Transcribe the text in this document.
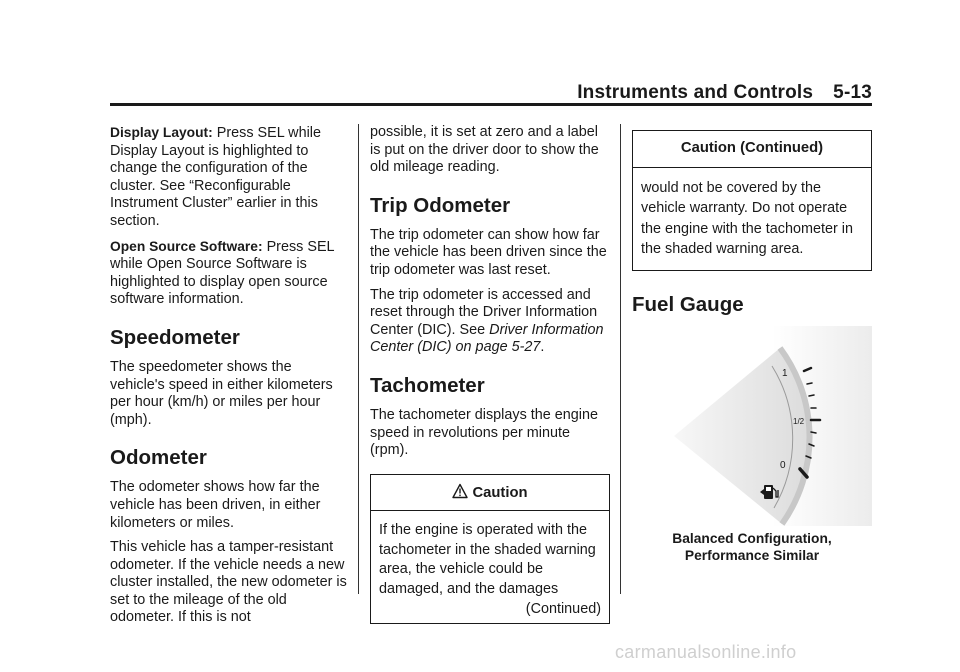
Instruments and Controls 5-13

Display Layout: Press SEL while Display Layout is highlighted to change the configuration of the cluster. See “Reconfigurable Instrument Cluster” earlier in this section.

Open Source Software: Press SEL while Open Source Software is highlighted to display open source software information.

Speedometer

The speedometer shows the vehicle's speed in either kilometers per hour (km/h) or miles per hour (mph).

Odometer

The odometer shows how far the vehicle has been driven, in either kilometers or miles.

This vehicle has a tamper-resistant odometer. If the vehicle needs a new cluster installed, the new odometer is set to the mileage of the old odometer. If this is not

possible, it is set at zero and a label is put on the driver door to show the old mileage reading.

Trip Odometer

The trip odometer can show how far the vehicle has been driven since the trip odometer was last reset.

The trip odometer is accessed and reset through the Driver Information Center (DIC). See Driver Information Center (DIC) on page 5-27.

Tachometer

The tachometer displays the engine speed in revolutions per minute (rpm).

Caution

If the engine is operated with the tachometer in the shaded warning area, the vehicle could be damaged, and the damages

(Continued)
Caution (Continued)

would not be covered by the vehicle warranty. Do not operate the engine with the tachometer in the shaded warning area.

Fuel Gauge
1
1/2
0
Balanced Configuration, Performance Similar
carmanualsonline.info
